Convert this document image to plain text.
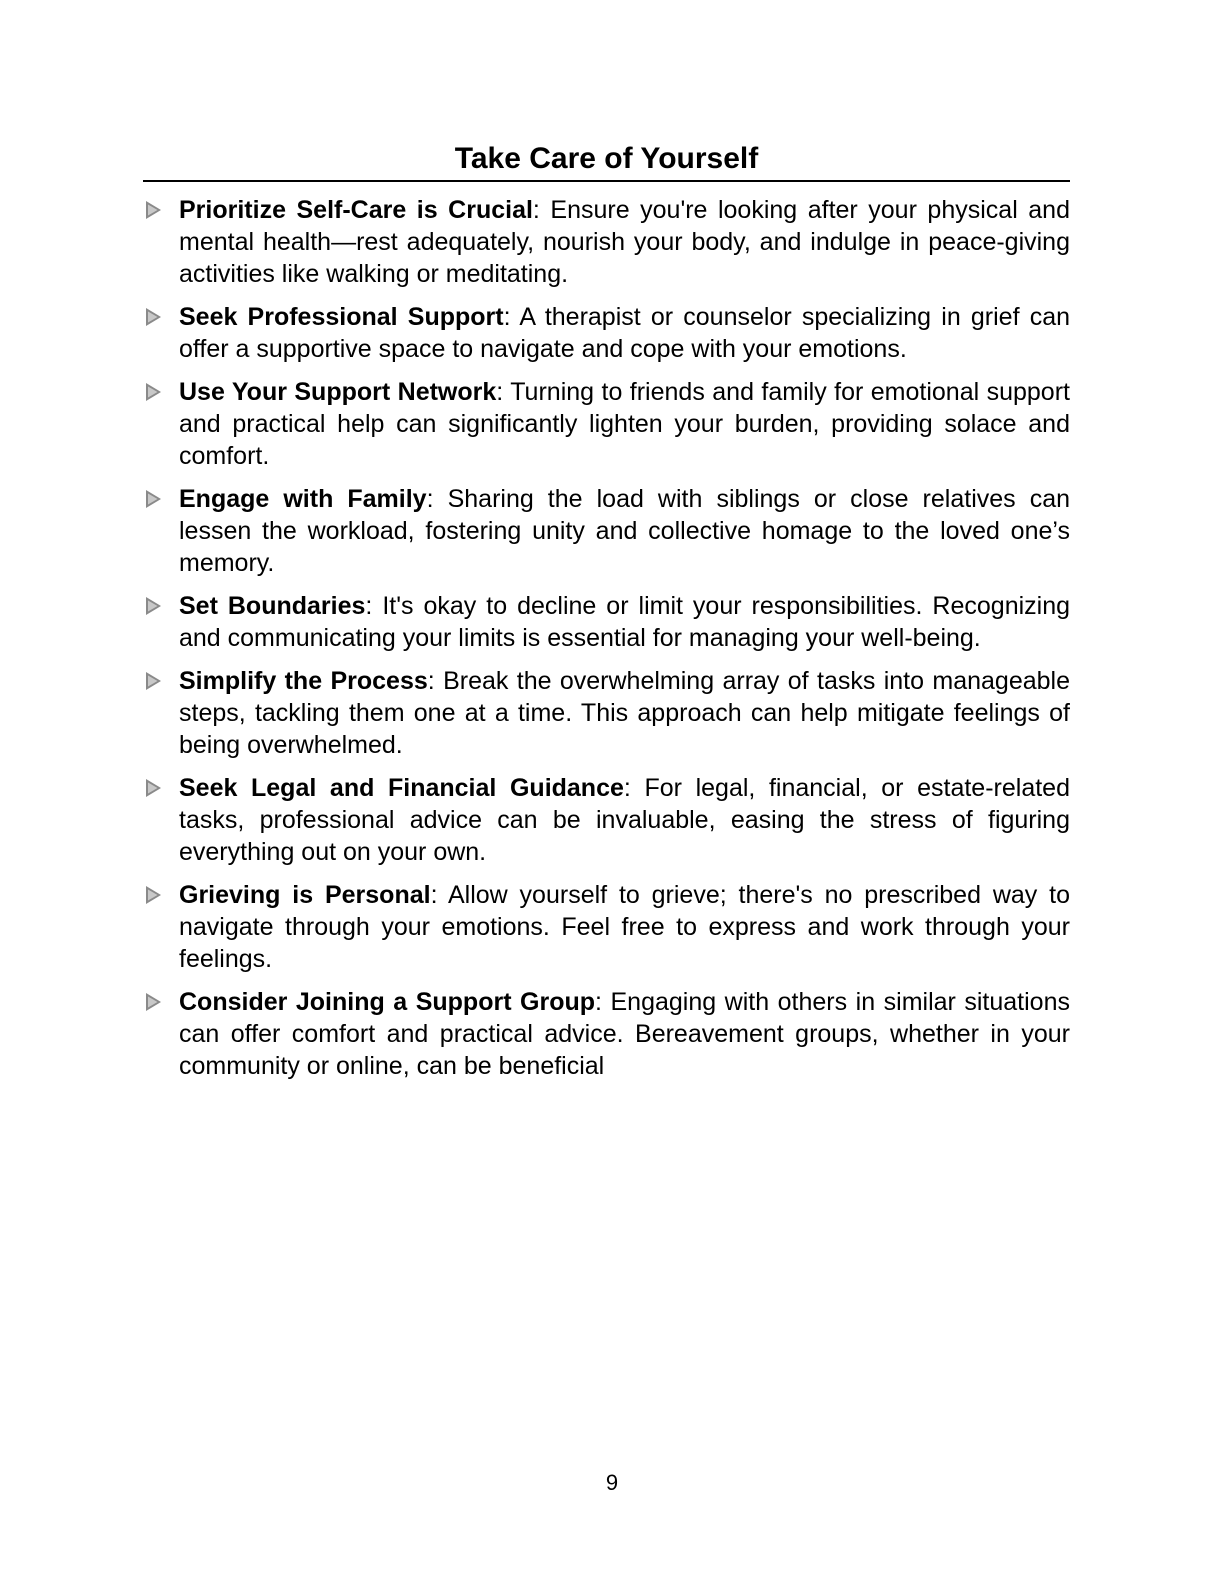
Take Care of Yourself
Prioritize Self-Care is Crucial: Ensure you're looking after your physical and mental health—rest adequately, nourish your body, and indulge in peace-giving activities like walking or meditating.
Seek Professional Support: A therapist or counselor specializing in grief can offer a supportive space to navigate and cope with your emotions.
Use Your Support Network: Turning to friends and family for emotional support and practical help can significantly lighten your burden, providing solace and comfort.
Engage with Family: Sharing the load with siblings or close relatives can lessen the workload, fostering unity and collective homage to the loved one’s memory.
Set Boundaries: It's okay to decline or limit your responsibilities. Recognizing and communicating your limits is essential for managing your well-being.
Simplify the Process: Break the overwhelming array of tasks into manageable steps, tackling them one at a time. This approach can help mitigate feelings of being overwhelmed.
Seek Legal and Financial Guidance: For legal, financial, or estate-related tasks, professional advice can be invaluable, easing the stress of figuring everything out on your own.
Grieving is Personal: Allow yourself to grieve; there's no prescribed way to navigate through your emotions. Feel free to express and work through your feelings.
Consider Joining a Support Group: Engaging with others in similar situations can offer comfort and practical advice. Bereavement groups, whether in your community or online, can be beneficial
9
